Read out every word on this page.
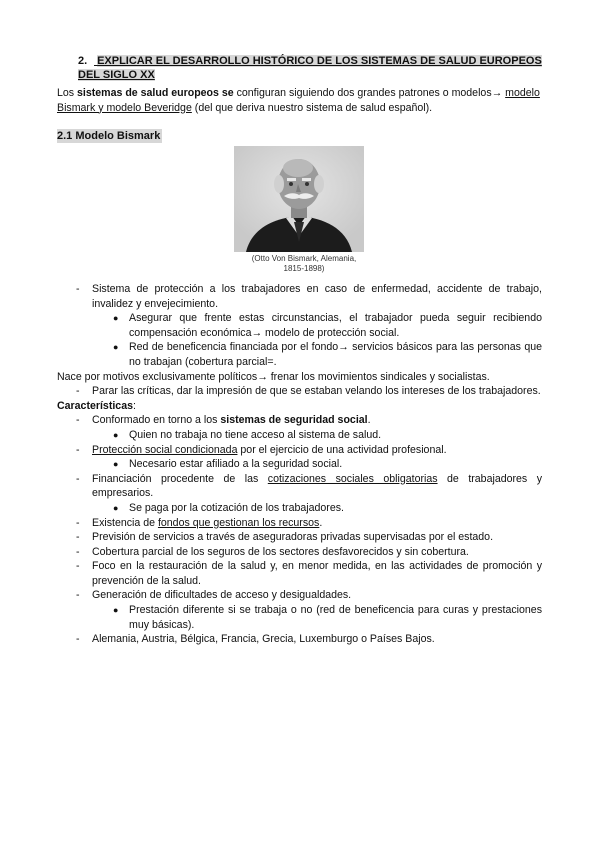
2. EXPLICAR EL DESARROLLO HISTÓRICO DE LOS SISTEMAS DE SALUD EUROPEOS DEL SIGLO XX
Los sistemas de salud europeos se configuran siguiendo dos grandes patrones o modelos→ modelo Bismark y modelo Beveridge (del que deriva nuestro sistema de salud español).
2.1 Modelo Bismark
(Otto Von Bismark, Alemania,
1815-1898)
- Sistema de protección a los trabajadores en caso de enfermedad, accidente de trabajo, invalidez y envejecimiento.
● Asegurar que frente estas circunstancias, el trabajador pueda seguir recibiendo compensación económica→ modelo de protección social.
● Red de beneficencia financiada por el fondo→ servicios básicos para las personas que no trabajan (cobertura parcial=.
Nace por motivos exclusivamente políticos→ frenar los movimientos sindicales y socialistas.
- Parar las críticas, dar la impresión de que se estaban velando los intereses de los trabajadores.
Características:
- Conformado en torno a los sistemas de seguridad social.
● Quien no trabaja no tiene acceso al sistema de salud.
- Protección social condicionada por el ejercicio de una actividad profesional.
● Necesario estar afiliado a la seguridad social.
- Financiación procedente de las cotizaciones sociales obligatorias de trabajadores y empresarios.
● Se paga por la cotización de los trabajadores.
- Existencia de fondos que gestionan los recursos.
- Previsión de servicios a través de aseguradoras privadas supervisadas por el estado.
- Cobertura parcial de los seguros de los sectores desfavorecidos y sin cobertura.
- Foco en la restauración de la salud y, en menor medida, en las actividades de promoción y prevención de la salud.
- Generación de dificultades de acceso y desigualdades.
● Prestación diferente si se trabaja o no (red de beneficencia para curas y prestaciones muy básicas).
- Alemania, Austria, Bélgica, Francia, Grecia, Luxemburgo o Países Bajos.
